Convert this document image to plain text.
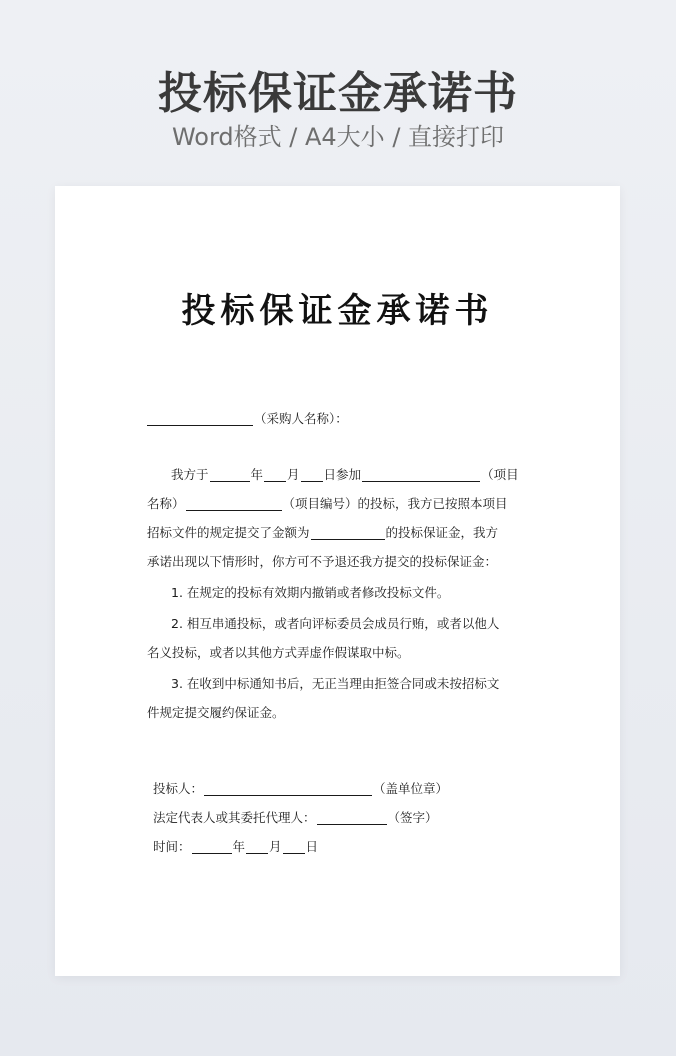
投标保证金承诺书
Word格式 / A4大小 / 直接打印
投标保证金承诺书
（采购人名称）：
我方于	年 月 日参加	（项目
名称）	（项目编号）的投标，我方已按照本项目
招标文件的规定提交了金额为	的投标保证金，我方
承诺出现以下情形时，你方可不予退还我方提交的投标保证金：
1. 在规定的投标有效期内撤销或者修改投标文件。
2. 相互串通投标，或者向评标委员会成员行贿，或者以他人
名义投标，或者以其他方式弄虚作假谋取中标。
3. 在收到中标通知书后，无正当理由拒签合同或未按招标文
件规定提交履约保证金。
投标人：	（盖单位章）
法定代表人或其委托代理人：	（签字）
时间：	年 月 日
